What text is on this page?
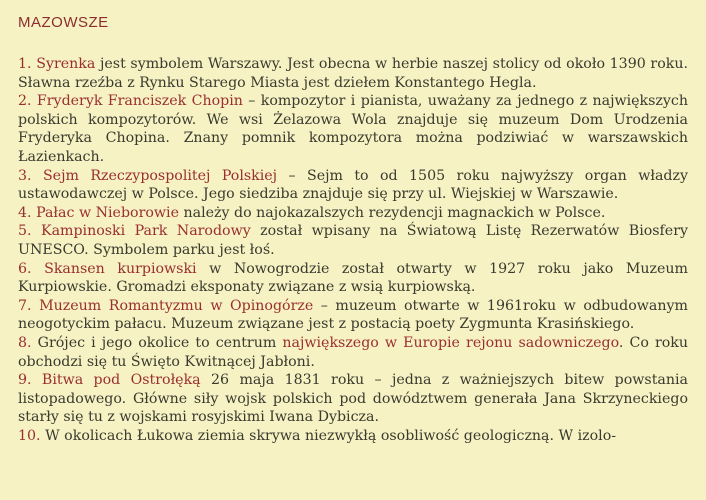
MAZOWSZE

1. Syrenka jest symbolem Warszawy. Jest obecna w herbie naszej stolicy od około 1390 roku. Sławna rzeźba z Rynku Starego Miasta jest dziełem Konstantego Hegla.

2. Fryderyk Franciszek Chopin – kompozytor i pianista, uważany za jednego z największych polskich kompozytorów. We wsi Żelazowa Wola znajduje się muzeum Dom Urodzenia Fryderyka Chopina. Znany pomnik kompozytora można podziwiać w warszawskich Łazienkach.

3. Sejm Rzeczypospolitej Polskiej – Sejm to od 1505 roku najwyższy organ władzy ustawodawczej w Polsce. Jego siedziba znajduje się przy ul. Wiejskiej w Warszawie.

4. Pałac w Nieborowie należy do najokazalszych rezydencji magnackich w Polsce.

5. Kampinoski Park Narodowy został wpisany na Światową Listę Rezerwatów Biosfery UNESCO. Symbolem parku jest łoś.

6. Skansen kurpiowski w Nowogrodzie został otwarty w 1927 roku jako Muzeum Kurpiowskie. Gromadzi eksponaty związane z wsią kurpiowską.

7. Muzeum Romantyzmu w Opinogórze – muzeum otwarte w 1961roku w odbudowanym neogotyckim pałacu. Muzeum związane jest z postacią poety Zygmunta Krasińskiego.

8. Grójec i jego okolice to centrum największego w Europie rejonu sadowniczego. Co roku obchodzi się tu Święto Kwitnącej Jabłoni.

9. Bitwa pod Ostrołęką 26 maja 1831 roku – jedna z ważniejszych bitew powstania listopadowego. Główne siły wojsk polskich pod dowództwem generała Jana Skrzyneckiego starły się tu z wojskami rosyjskimi Iwana Dybicza.

10. W okolicach Łukowa ziemia skrywa niezwykłą osobliwość geologiczną. W izolo-
